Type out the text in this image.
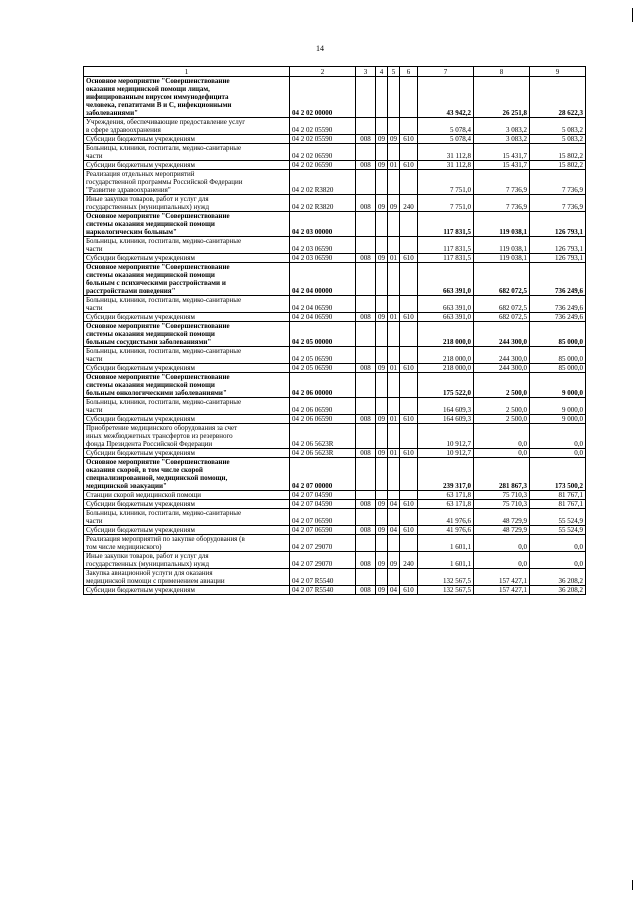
14
1	2	3	4	5	6	7	8	9
Основное мероприятие "Совершенствование
оказания медицинской помощи лицам,
инфицированным вирусом иммунодефицита
человека, гепатитами В и С, инфекционными
заболеваниями"	04 2 02 00000					43 942,2	26 251,8	28 622,3
Учреждения, обеспечивающие предоставление услуг
в сфере здравоохранения	04 2 02 05590					5 078,4	3 083,2	5 083,2
Субсидии бюджетным учреждениям	04 2 02 05590	008	09	09	610	5 078,4	3 083,2	5 083,2
Больницы, клиники, госпитали, медико-санитарные
части	04 2 02 06590					31 112,8	15 431,7	15 802,2
Субсидии бюджетным учреждениям	04 2 02 06590	008	09	01	610	31 112,8	15 431,7	15 802,2
Реализация отдельных мероприятий
государственной программы Российской Федерации
"Развитие здравоохранения"	04 2 02 R3820					7 751,0	7 736,9	7 736,9
Иные закупки товаров, работ и услуг для
государственных (муниципальных) нужд	04 2 02 R3820	008	09	09	240	7 751,0	7 736,9	7 736,9
Основное мероприятие "Совершенствование
системы оказания медицинской помощи
наркологическим больным"	04 2 03 00000					117 831,5	119 038,1	126 793,1
Больницы, клиники, госпитали, медико-санитарные
части	04 2 03 06590					117 831,5	119 038,1	126 793,1
Субсидии бюджетным учреждениям	04 2 03 06590	008	09	01	610	117 831,5	119 038,1	126 793,1
Основное мероприятие "Совершенствование
системы оказания медицинской помощи
больным с психическими расстройствами и
расстройствами поведения"	04 2 04 00000					663 391,0	682 072,5	736 249,6
Больницы, клиники, госпитали, медико-санитарные
части	04 2 04 06590					663 391,0	682 072,5	736 249,6
Субсидии бюджетным учреждениям	04 2 04 06590	008	09	01	610	663 391,0	682 072,5	736 249,6
Основное мероприятие "Совершенствование
системы оказания медицинской помощи
больным сосудистыми заболеваниями"	04 2 05 00000					218 000,0	244 300,0	85 000,0
Больницы, клиники, госпитали, медико-санитарные
части	04 2 05 06590					218 000,0	244 300,0	85 000,0
Субсидии бюджетным учреждениям	04 2 05 06590	008	09	01	610	218 000,0	244 300,0	85 000,0
Основное мероприятие "Совершенствование
системы оказания медицинской помощи
больным онкологическими заболеваниями"	04 2 06 00000					175 522,0	2 500,0	9 000,0
Больницы, клиники, госпитали, медико-санитарные
части	04 2 06 06590					164 609,3	2 500,0	9 000,0
Субсидии бюджетным учреждениям	04 2 06 06590	008	09	01	610	164 609,3	2 500,0	9 000,0
Приобретение медицинского оборудования за счет
иных межбюджетных трансфертов из резервного
фонда Президента Российской Федерации	04 2 06 5623R					10 912,7	0,0	0,0
Субсидии бюджетным учреждениям	04 2 06 5623R	008	09	01	610	10 912,7	0,0	0,0
Основное мероприятие "Совершенствование
оказания скорой, в том числе скорой
специализированной, медицинской помощи,
медицинской эвакуации"	04 2 07 00000					239 317,0	281 867,3	173 500,2
Станции скорой медицинской помощи	04 2 07 04590					63 171,8	75 710,3	81 767,1
Субсидии бюджетным учреждениям	04 2 07 04590	008	09	04	610	63 171,8	75 710,3	81 767,1
Больницы, клиники, госпитали, медико-санитарные
части	04 2 07 06590					41 976,6	48 729,9	55 524,9
Субсидии бюджетным учреждениям	04 2 07 06590	008	09	04	610	41 976,6	48 729,9	55 524,9
Реализация мероприятий по закупке оборудования (в
том числе медицинского)	04 2 07 29070					1 601,1	0,0	0,0
Иные закупки товаров, работ и услуг для
государственных (муниципальных) нужд	04 2 07 29070	008	09	09	240	1 601,1	0,0	0,0
Закупка авиационной услуги для оказания
медицинской помощи с применением авиации	04 2 07 R5540					132 567,5	157 427,1	36 208,2
Субсидии бюджетным учреждениям	04 2 07 R5540	008	09	04	610	132 567,5	157 427,1	36 208,2
